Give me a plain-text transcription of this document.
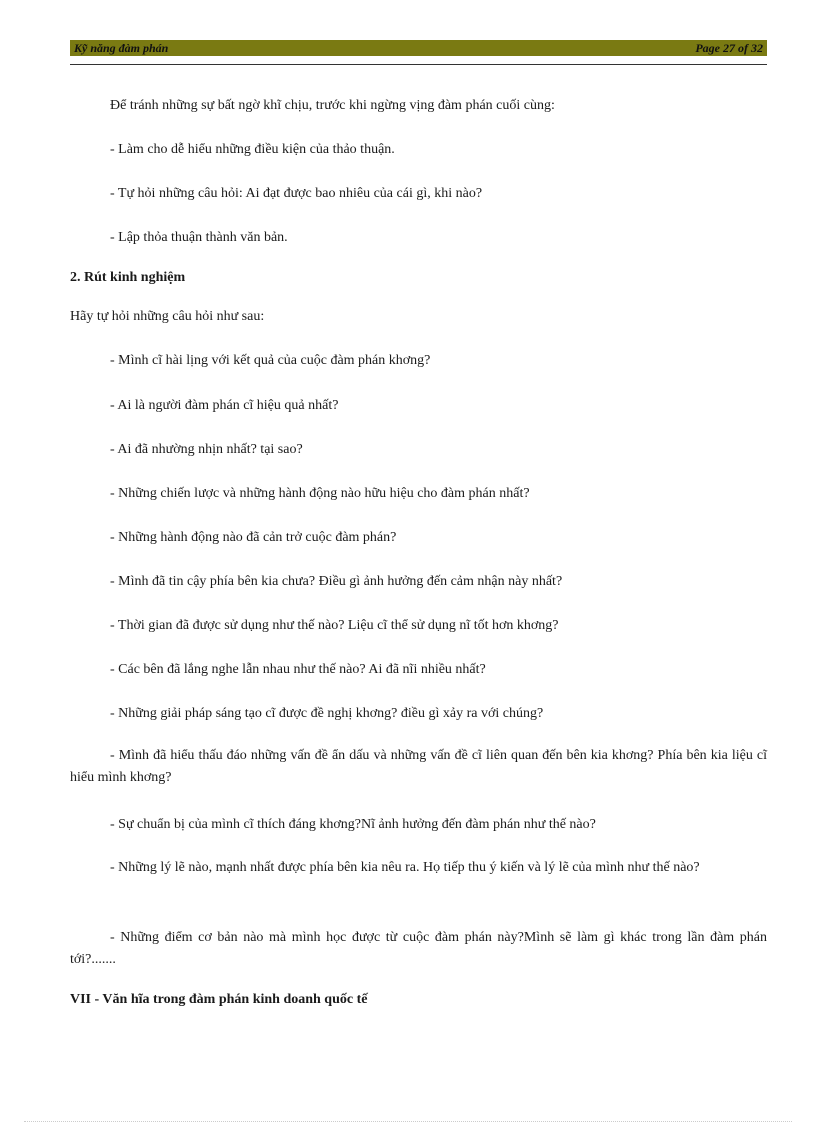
Kỹ năng đàm phán	Page 27 of 32
Để tránh những sự bất ngờ khĩ chịu, trước khi ngừng vịng đàm phán cuối cùng:
- Làm cho dễ hiểu những điều kiện của thảo thuận.
- Tự hỏi những câu hỏi: Ai đạt được bao nhiêu của cái gì, khi nào?
- Lập thỏa thuận thành văn bản.
2. Rút kinh nghiệm
Hãy tự hỏi những câu hỏi như sau:
- Mình cĩ hài lịng với kết quả của cuộc đàm phán khơng?
- Ai là người đàm phán cĩ hiệu quả nhất?
- Ai đã nhường nhịn nhất? tại sao?
- Những chiến lược và những hành động nào hữu hiệu cho đàm phán nhất?
- Những hành động nào đã cản trở cuộc đàm phán?
- Mình đã tin cậy phía bên kia chưa? Điều gì ảnh hưởng đến cảm nhận này nhất?
- Thời gian đã được sử dụng như thế nào? Liệu cĩ thể sử dụng nĩ tốt hơn khơng?
- Các bên đã lắng nghe lẫn nhau như thế nào? Ai đã nĩi nhiều nhất?
- Những giải pháp sáng tạo cĩ được đề nghị khơng? điều gì xảy ra với chúng?
- Mình đã hiểu thấu đáo những vấn đề ẩn dấu và những vấn đề cĩ liên quan đến bên kia khơng? Phía bên kia liệu cĩ hiểu mình khơng?
- Sự chuẩn bị của mình cĩ thích đáng khơng?Nĩ ảnh hưởng đến đàm phán như thế nào?
- Những lý lẽ nào, mạnh nhất được phía bên kia nêu ra. Họ tiếp thu ý kiến và lý lẽ của mình như thế nào?
- Những điểm cơ bản nào mà mình học được từ cuộc đàm phán này?Mình sẽ làm gì khác trong lần đàm phán tới?.......
VII - Văn hĩa trong đàm phán kinh doanh quốc tế
